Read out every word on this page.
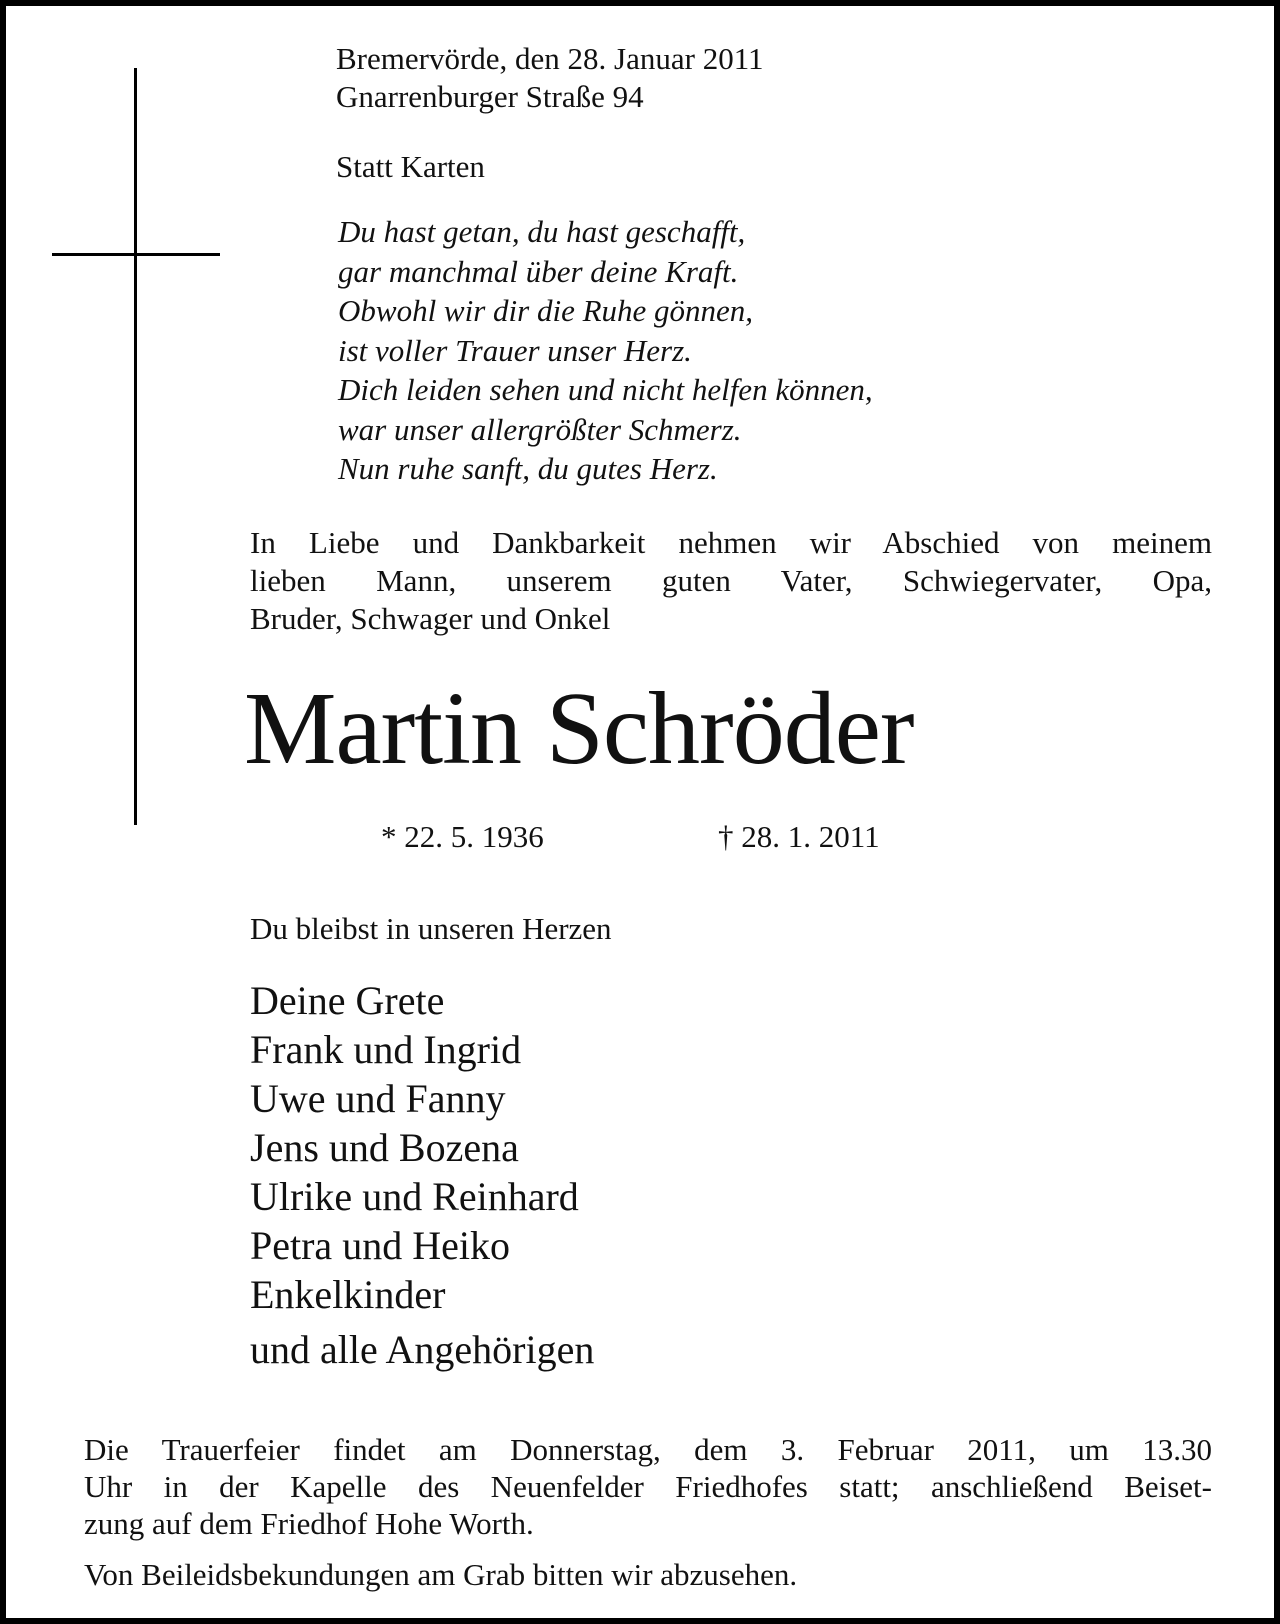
Bremervörde, den 28. Januar 2011
Gnarrenburger Straße 94
Statt Karten
Du hast getan, du hast geschafft,
gar manchmal über deine Kraft.
Obwohl wir dir die Ruhe gönnen,
ist voller Trauer unser Herz.
Dich leiden sehen und nicht helfen können,
war unser allergrößter Schmerz.
Nun ruhe sanft, du gutes Herz.
In Liebe und Dankbarkeit nehmen wir Abschied von meinem
lieben Mann, unserem guten Vater, Schwiegervater, Opa,
Bruder, Schwager und Onkel
Martin Schröder
* 22. 5. 1936	† 28. 1. 2011
Du bleibst in unseren Herzen
Deine Grete
Frank und Ingrid
Uwe und Fanny
Jens und Bozena
Ulrike und Reinhard
Petra und Heiko
Enkelkinder
und alle Angehörigen
Die Trauerfeier findet am Donnerstag, dem 3. Februar 2011, um 13.30
Uhr in der Kapelle des Neuenfelder Friedhofes statt; anschließend Beiset-
zung auf dem Friedhof Hohe Worth.
Von Beileidsbekundungen am Grab bitten wir abzusehen.
